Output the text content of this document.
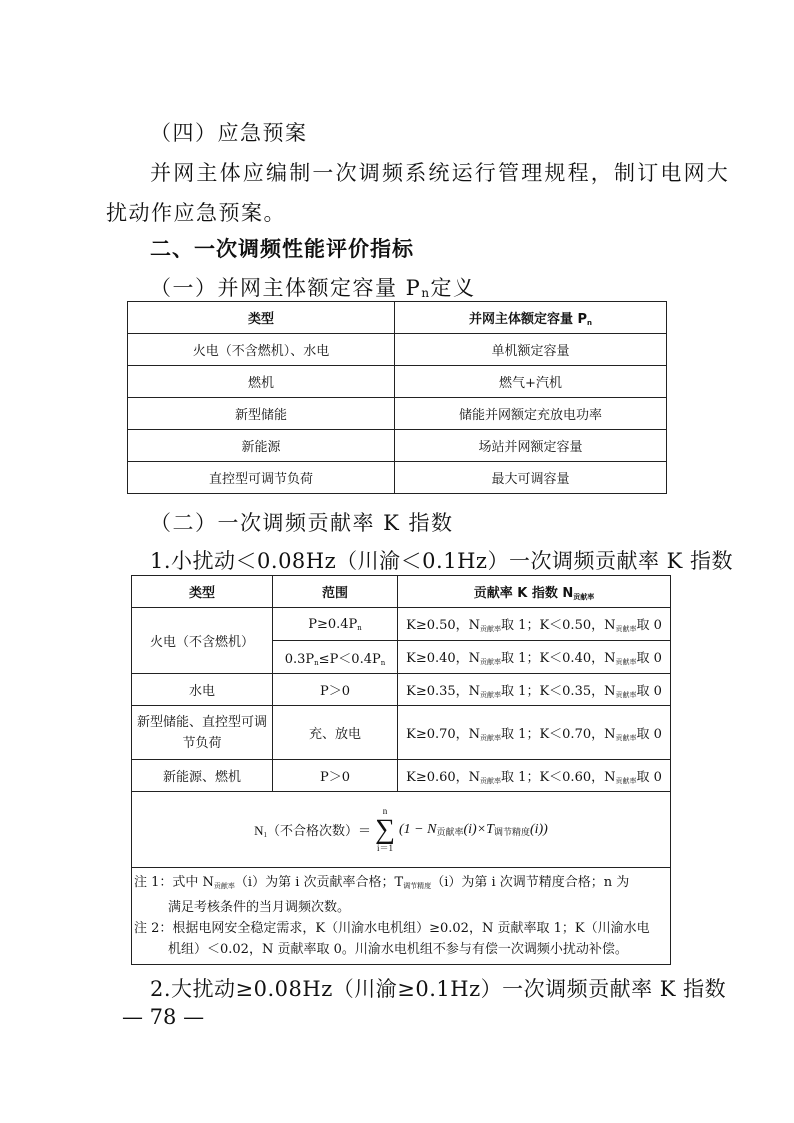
（四）应急预案
并网主体应编制一次调频系统运行管理规程，制订电网大
扰动作应急预案。
二、一次调频性能评价指标
（一）并网主体额定容量 $P_n$定义
类型	并网主体额定容量 $P_n$
火电（不含燃机）、水电	单机额定容量
燃机	燃气+汽机
新型储能	储能并网额定充放电功率
新能源	场站并网额定容量
直控型可调节负荷	最大可调容量
（二）一次调频贡献率 K 指数
1.小扰动＜0.08Hz（川渝＜0.1Hz）一次调频贡献率 K 指数
类型	范围	贡献率 K 指数 $N_{贡献率}$
火电（不含燃机）	$P\ge 0.4P_n$	K≥0.50，$N_{贡献率}$取 1；K＜0.50，$N_{贡献率}$取 0
	$0.3P_n\le P<0.4P_n$	K≥0.40，$N_{贡献率}$取 1；K＜0.40，$N_{贡献率}$取 0
水电	P＞0	K≥0.35，$N_{贡献率}$取 1；K＜0.35，$N_{贡献率}$取 0
新型储能、直控型可调
节负荷	充、放电	K≥0.70，$N_{贡献率}$取 1；K＜0.70，$N_{贡献率}$取 0
新能源、燃机	P＞0	K≥0.60，$N_{贡献率}$取 1；K＜0.60，$N_{贡献率}$取 0

$N_1$（不合格次数）＝
n
∑
i＝1
$(1 - N_{贡献率}(i)\times T_{调节精度}(i))$		

注 1：式中 $N_{贡献率}(i)$为第 i 次贡献率合格；$T_{调节精度}(i)$为第 i 次调节精度合格；n 为
满足考核条件的当月调频次数。
注 2：根据电网安全稳定需求，K（川渝水电机组）≥0.02，N 贡献率取 1；K（川渝水电
机组）＜0.02，N 贡献率取 0。川渝水电机组不参与有偿一次调频小扰动补偿。		
2.大扰动≥0.08Hz（川渝≥0.1Hz）一次调频贡献率 K 指数
— 78 —
